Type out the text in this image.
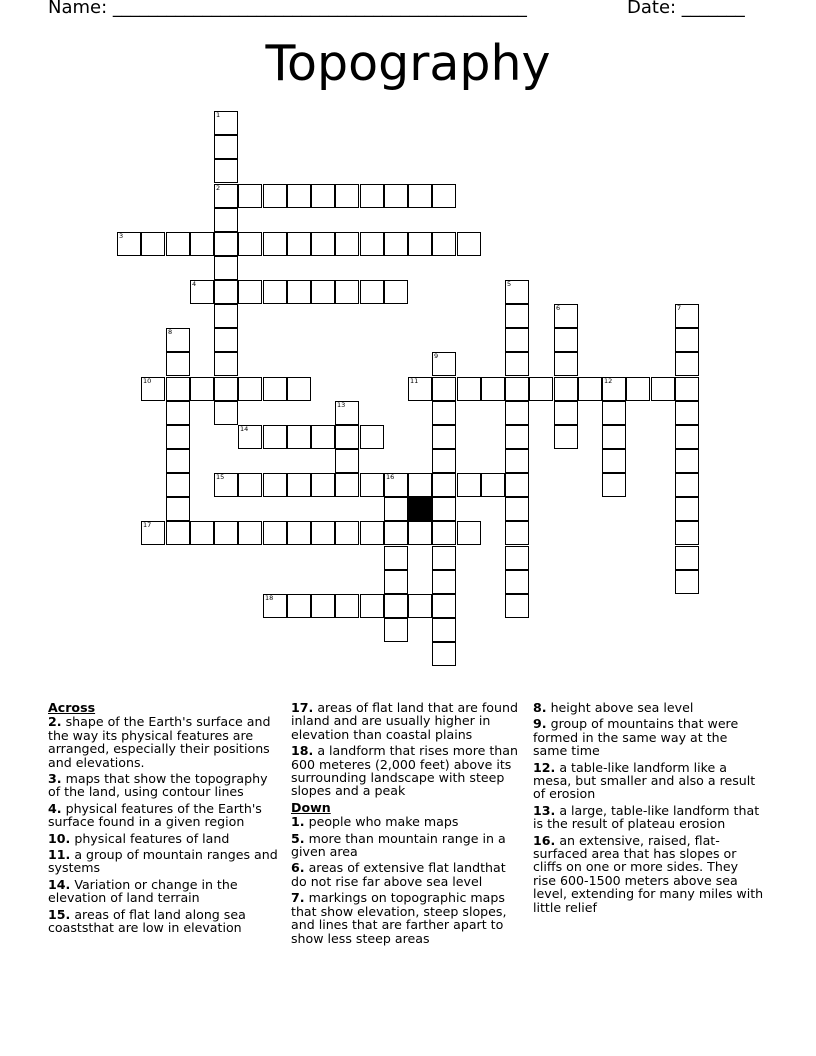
Name: ______________________________________________	Date: _______
Topography
1
2
3
4	5
6	7
8
9
10	11	12
13
14
15	16
17
18
Across
2. shape of the Earth's surface and the way its physical features are arranged, especially their positions and elevations.
3. maps that show the topography of the land, using contour lines
4. physical features of the Earth's surface found in a given region
10. physical features of land
11. a group of mountain ranges and systems
14. Variation or change in the elevation of land terrain
15. areas of flat land along sea coaststhat are low in elevation
17. areas of flat land that are found inland and are usually higher in elevation than coastal plains
18. a landform that rises more than 600 meteres (2,000 feet) above its surrounding landscape with steep slopes and a peak
Down
1. people who make maps
5. more than mountain range in a given area
6. areas of extensive flat landthat do not rise far above sea level
7. markings on topographic maps that show elevation, steep slopes, and lines that are farther apart to show less steep areas
8. height above sea level
9. group of mountains that were formed in the same way at the same time
12. a table-like landform like a mesa, but smaller and also a result of erosion
13. a large, table-like landform that is the result of plateau erosion
16. an extensive, raised, flat-surfaced area that has slopes or cliffs on one or more sides. They rise 600-1500 meters above sea level, extending for many miles with little relief
